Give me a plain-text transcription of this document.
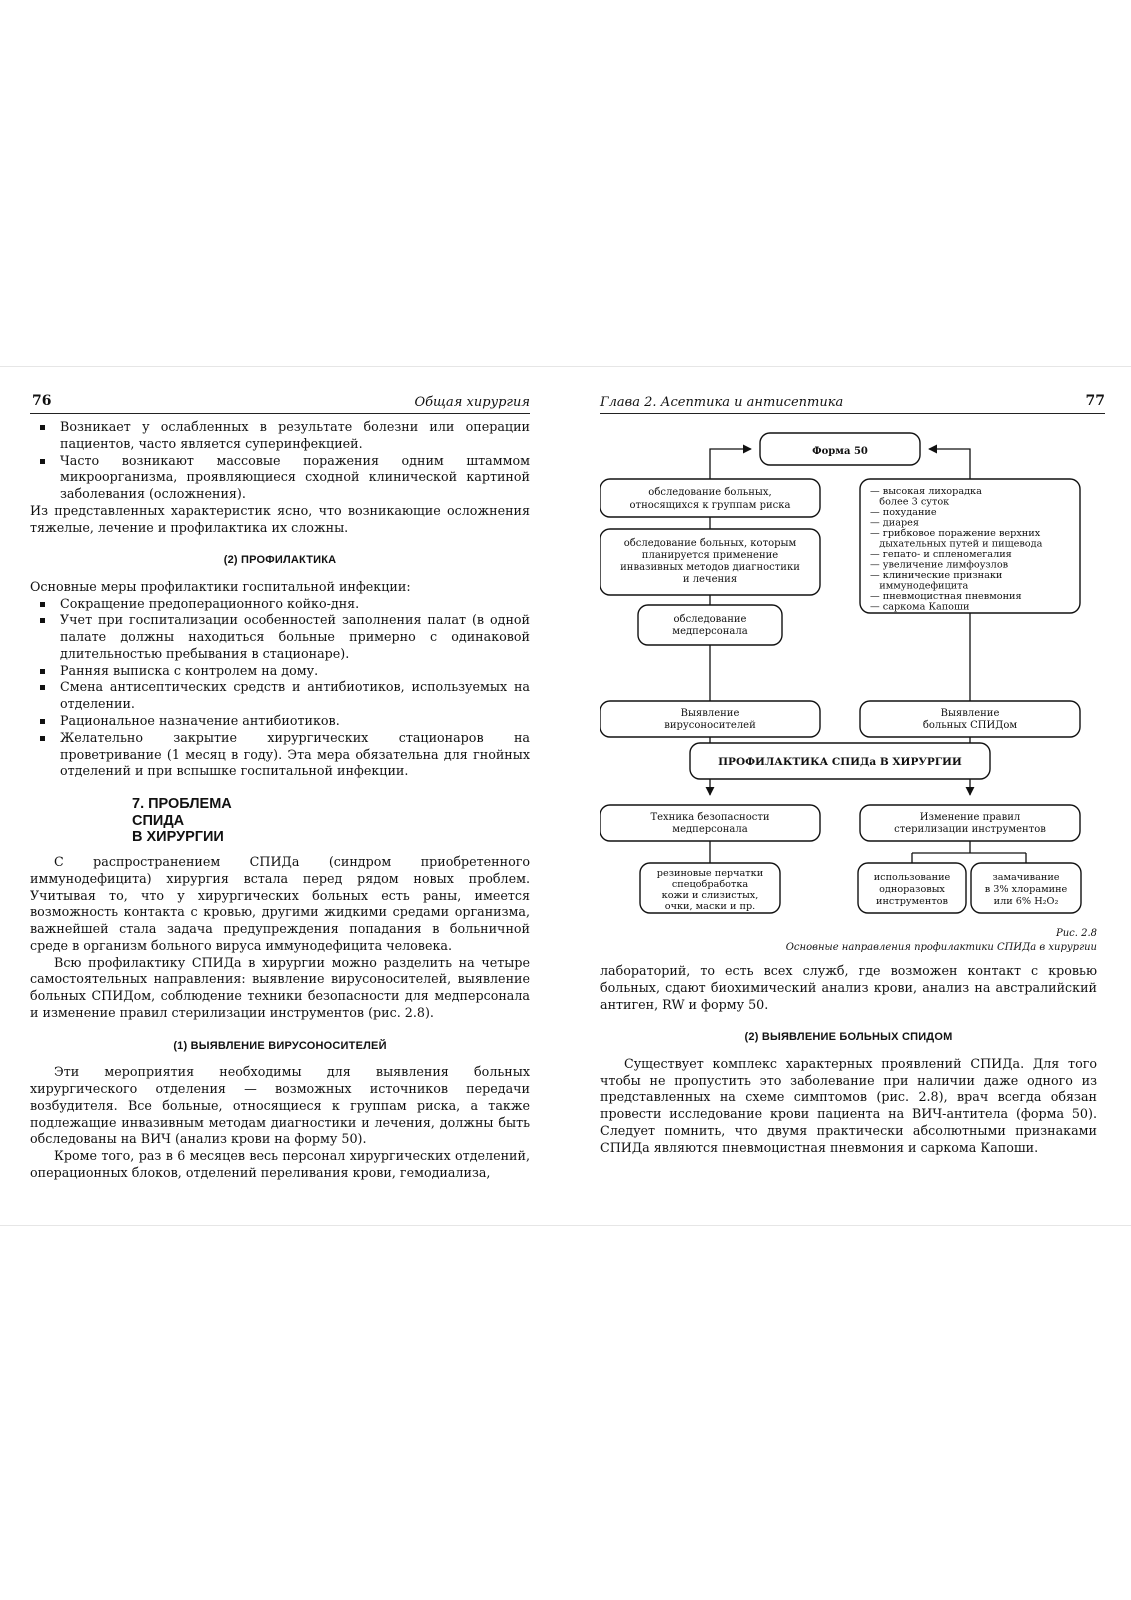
76	Общая хирургия
Возникает у ослабленных в результате болезни или операции пациентов, часто является суперинфекцией.
Часто возникают массовые поражения одним штаммом микроорганизма, проявляющиеся сходной клинической картиной заболевания (осложнения).

Из представленных характеристик ясно, что возникающие осложнения тяжелые, лечение и профилактика их сложны.

(2) ПРОФИЛАКТИКА

Основные меры профилактики госпитальной инфекции:

Сокращение предоперационного койко-дня.
Учет при госпитализации особенностей заполнения палат (в одной палате должны находиться больные примерно с одинаковой длительностью пребывания в стационаре).
Ранняя выписка с контролем на дому.
Смена антисептических средств и антибиотиков, используемых на отделении.
Рациональное назначение антибиотиков.
Желательно закрытие хирургических стационаров на проветривание (1 месяц в году). Эта мера обязательна для гнойных отделений и при вспышке госпитальной инфекции.
7. ПРОБЛЕМА
СПИДА
В ХИРУРГИИ

С распространением СПИДа (синдром приобретенного иммунодефицита) хирургия встала перед рядом новых проблем. Учитывая то, что у хирургических больных есть раны, имеется возможность контакта с кровью, другими жидкими средами организма, важнейшей стала задача предупреждения попадания в больничной среде в организм больного вируса иммунодефицита человека.

Всю профилактику СПИДа в хирургии можно разделить на четыре самостоятельных направления: выявление вирусоносителей, выявление больных СПИДом, соблюдение техники безопасности для медперсонала и изменение правил стерилизации инструментов (рис. 2.8).

(1) ВЫЯВЛЕНИЕ ВИРУСОНОСИТЕЛЕЙ

Эти мероприятия необходимы для выявления больных хирургического отделения — возможных источников передачи возбудителя. Все больные, относящиеся к группам риска, а также подлежащие инвазивным методам диагностики и лечения, должны быть обследованы на ВИЧ (анализ крови на форму 50).

Кроме того, раз в 6 месяцев весь персонал хирургических отделений, операционных блоков, отделений переливания крови, гемодиализа,

Глава 2. Асептика и антисептика	77
Форма 50
обследование больных,
относящихся к группам риска
обследование больных, которым
планируется применение
инвазивных методов диагностики
и лечения
обследование
медперсонала
— высокая лихорадка
более 3 суток
— похудание
— диарея
— грибковое поражение верхних
дыхательных путей и пищевода
— гепато- и спленомегалия
— увеличение лимфоузлов
— клинические признаки
иммунодефицита
— пневмоцистная пневмония
— саркома Капоши
Выявление
вирусоносителей
Выявление
больных СПИДом
ПРОФИЛАКТИКА СПИДа В ХИРУРГИИ
Техника безопасности
медперсонала
Изменение правил
стерилизации инструментов
резиновые перчатки
спецобработка
кожи и слизистых,
очки, маски и пр.
использование
одноразовых
инструментов
замачивание
в 3% хлорамине
или 6% H₂O₂
Рис. 2.8
Основные направления профилактики СПИДа в хирургии

лабораторий, то есть всех служб, где возможен контакт с кровью больных, сдают биохимический анализ крови, анализ на австралийский антиген, RW и форму 50.

(2) ВЫЯВЛЕНИЕ БОЛЬНЫХ СПИДОМ

Существует комплекс характерных проявлений СПИДа. Для того чтобы не пропустить это заболевание при наличии даже одного из представленных на схеме симптомов (рис. 2.8), врач всегда обязан провести исследование крови пациента на ВИЧ-антитела (форма 50). Следует помнить, что двумя практически абсолютными признаками СПИДа являются пневмоцистная пневмония и саркома Капоши.
